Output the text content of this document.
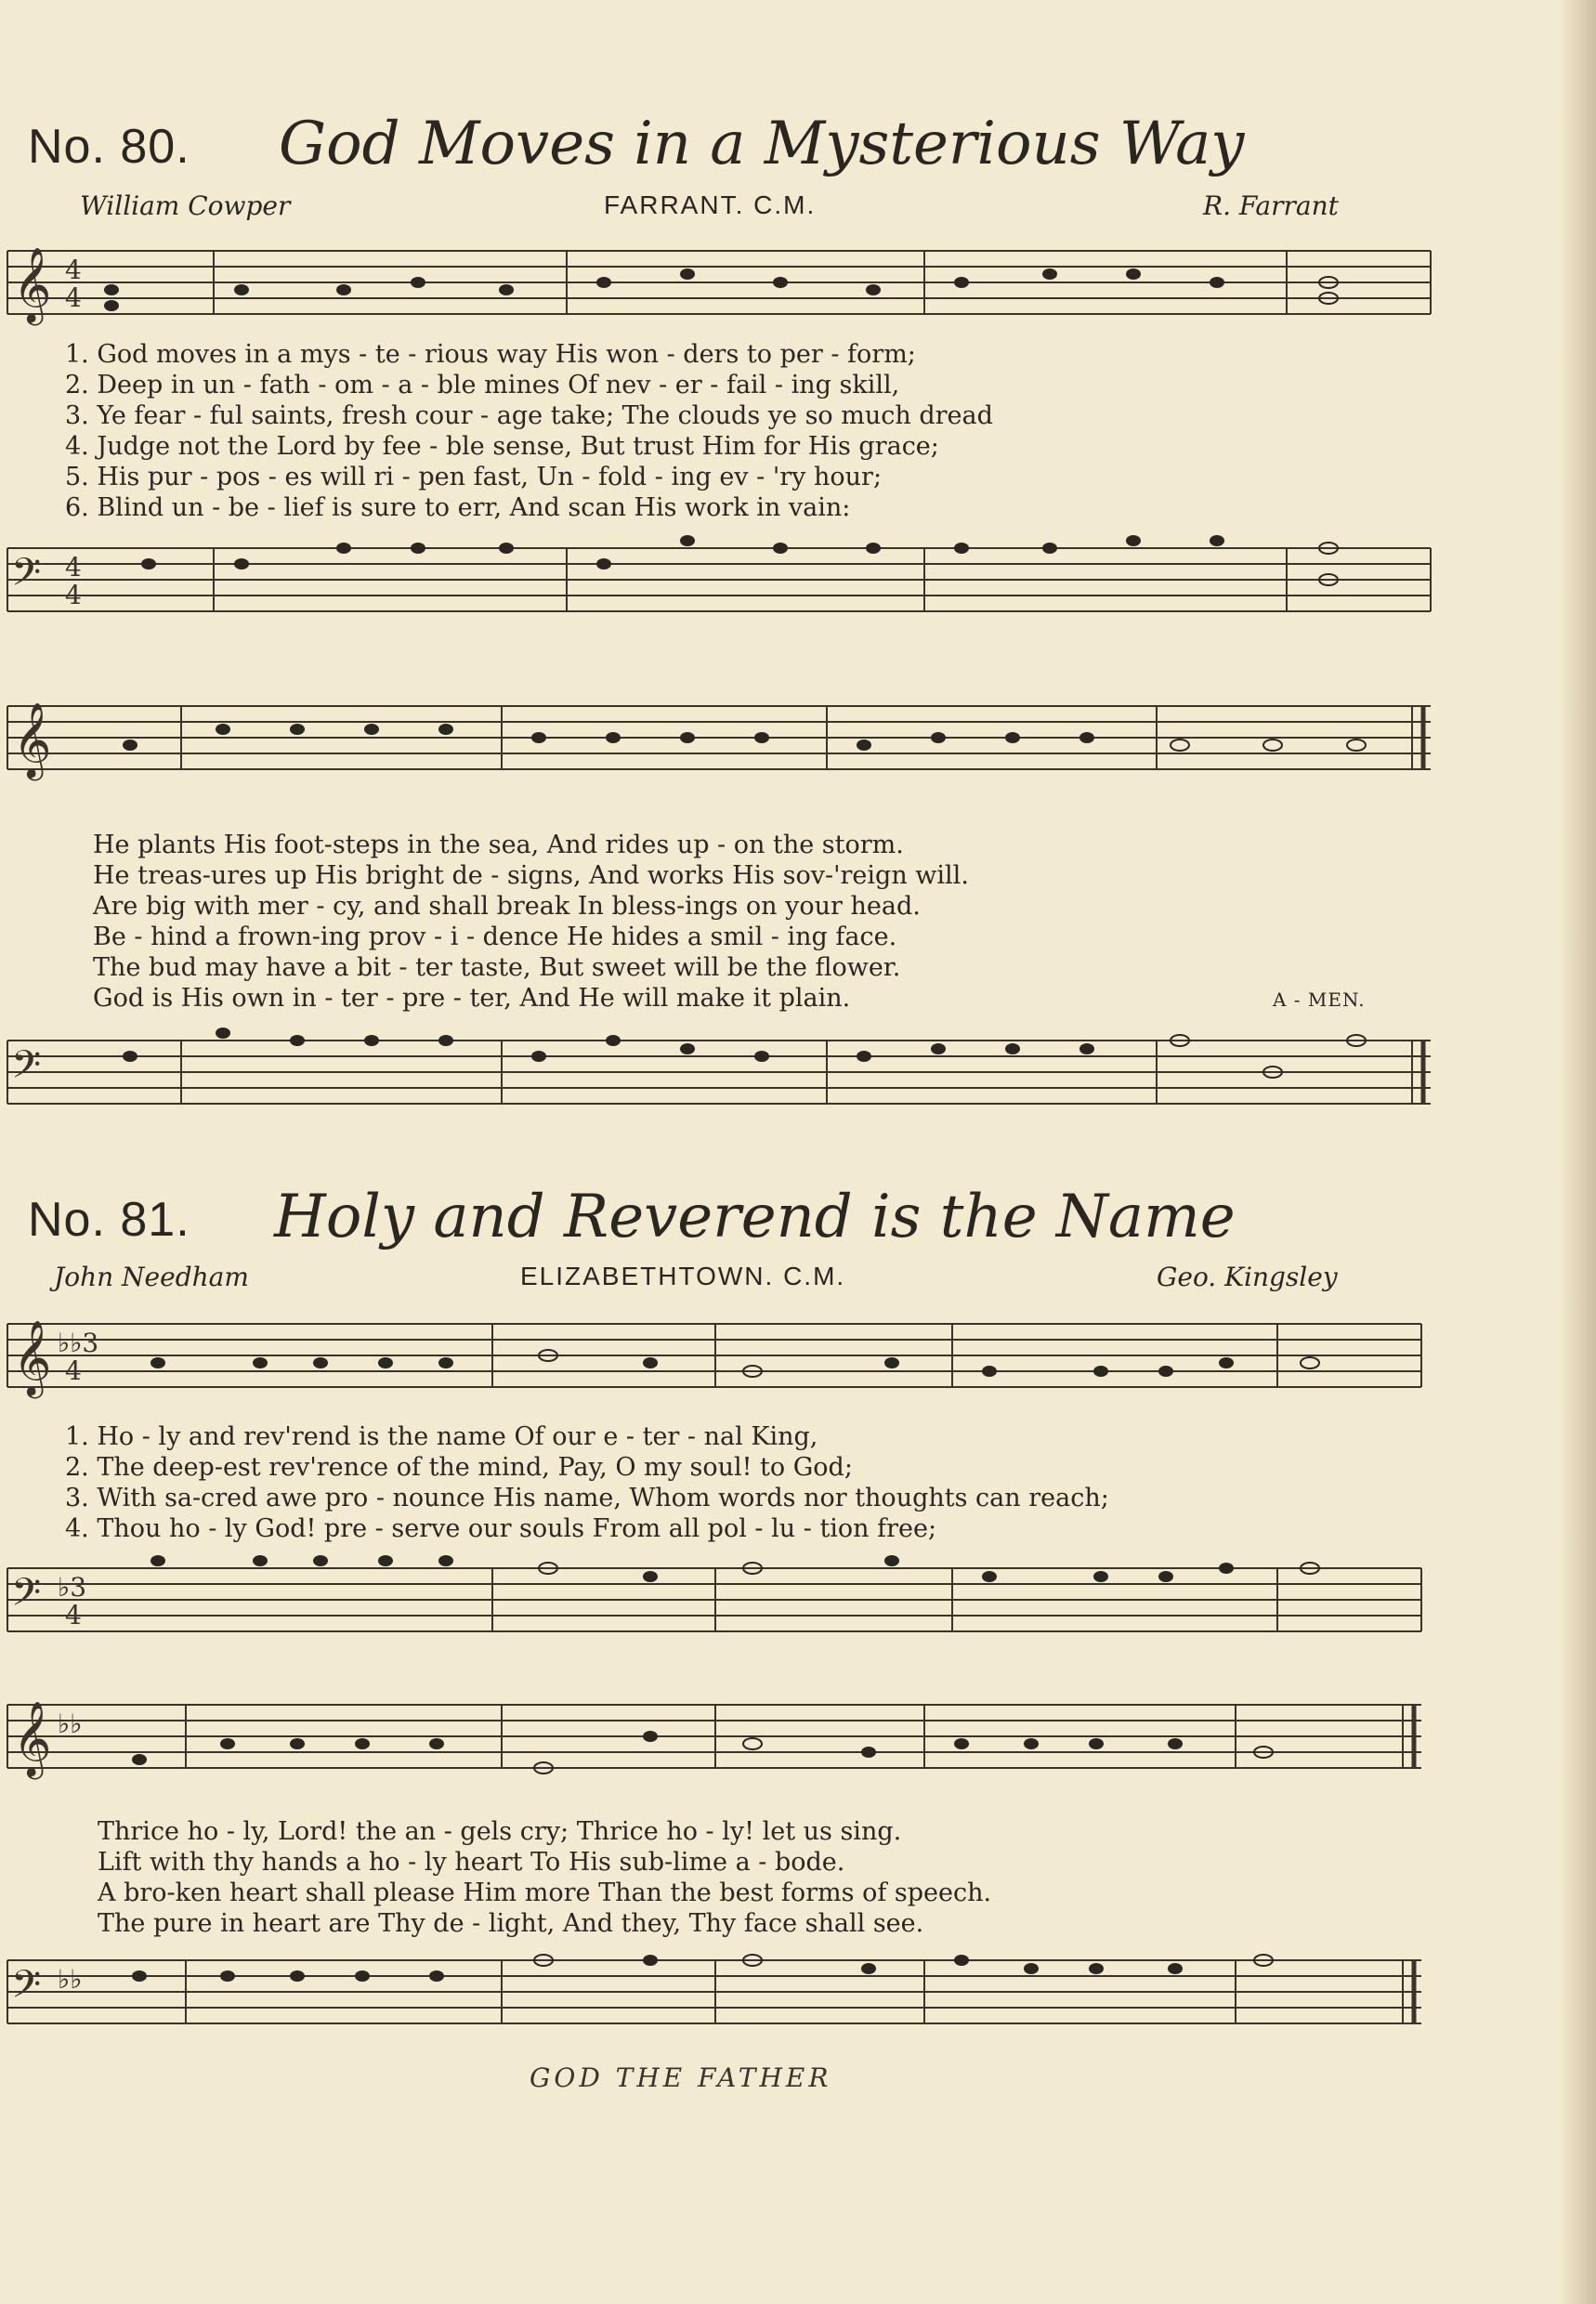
No. 80. God Moves in a Mysterious Way
William Cowper	FARRANT. C.M.	R. Farrant
𝄞 4
4
1. God moves in a mys - te - rious way His won - ders to per - form;
2. Deep in un - fath - om - a - ble mines Of nev - er - fail - ing skill,
3. Ye fear - ful saints, fresh cour - age take; The clouds ye so much dread
4. Judge not the Lord by fee - ble sense, But trust Him for His grace;
5. His pur - pos - es will ri - pen fast, Un - fold - ing ev - 'ry hour;
6. Blind un - be - lief is sure to err, And scan His work in vain:
𝄢 4
4
𝄞
He plants His foot-steps in the sea, And rides up - on the storm.
He treas-ures up His bright de - signs, And works His sov-'reign will.
Are big with mer - cy, and shall break In bless-ings on your head.
Be - hind a frown-ing prov - i - dence He hides a smil - ing face.
The bud may have a bit - ter taste, But sweet will be the flower.
God is His own in - ter - pre - ter, And He will make it plain.	A - MEN.
𝄢
No. 81. Holy and Reverend is the Name
John Needham	ELIZABETHTOWN. C.M.	Geo. Kingsley
𝄞 ♭♭3
4
1. Ho - ly and rev'rend is the name Of our e - ter - nal King,
2. The deep-est rev'rence of the mind, Pay, O my soul! to God;
3. With sa-cred awe pro - nounce His name, Whom words nor thoughts can reach;
4. Thou ho - ly God! pre - serve our souls From all pol - lu - tion free;
𝄢 ♭3
4
𝄞 ♭♭
Thrice ho - ly, Lord! the an - gels cry; Thrice ho - ly! let us sing.
Lift with thy hands a ho - ly heart To His sub-lime a - bode.
A bro-ken heart shall please Him more Than the best forms of speech.
The pure in heart are Thy de - light, And they, Thy face shall see.
𝄢 ♭♭
GOD THE FATHER
